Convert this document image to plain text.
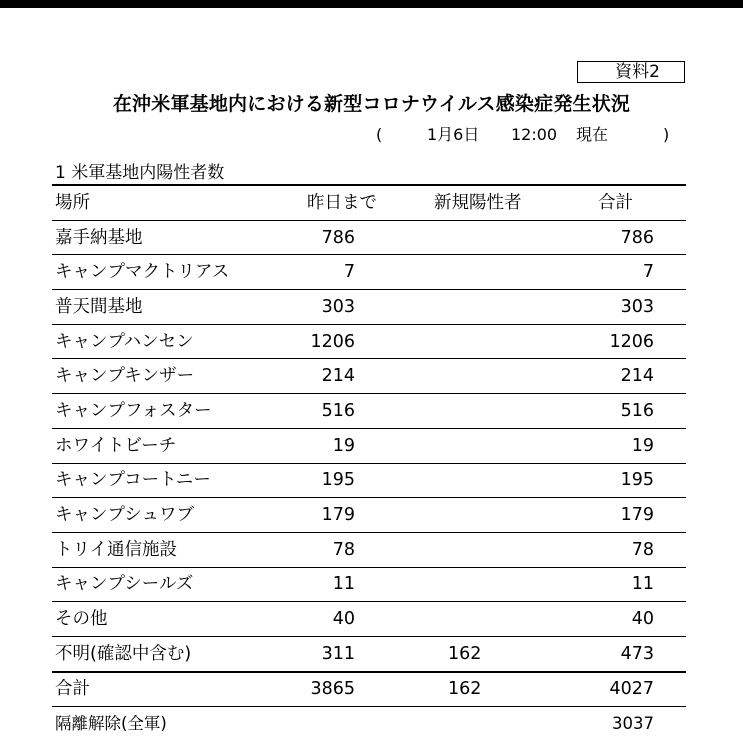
資料2
在沖米軍基地内における新型コロナウイルス感染症発生状況
(	1月6日 12:00 現在	)
1 米軍基地内陽性者数
場所	昨日まで	新規陽性者	合計
嘉手納基地	786		786
キャンプマクトリアス	7		7
普天間基地	303		303
キャンプハンセン	1206		1206
キャンプキンザー	214		214
キャンプフォスター	516		516
ホワイトビーチ	19		19
キャンプコートニー	195		195
キャンプシュワブ	179		179
トリイ通信施設	78		78
キャンプシールズ	11		11
その他	40		40
不明(確認中含む)	311	162	473
合計	3865	162	4027
隔離解除(全軍)			3037
